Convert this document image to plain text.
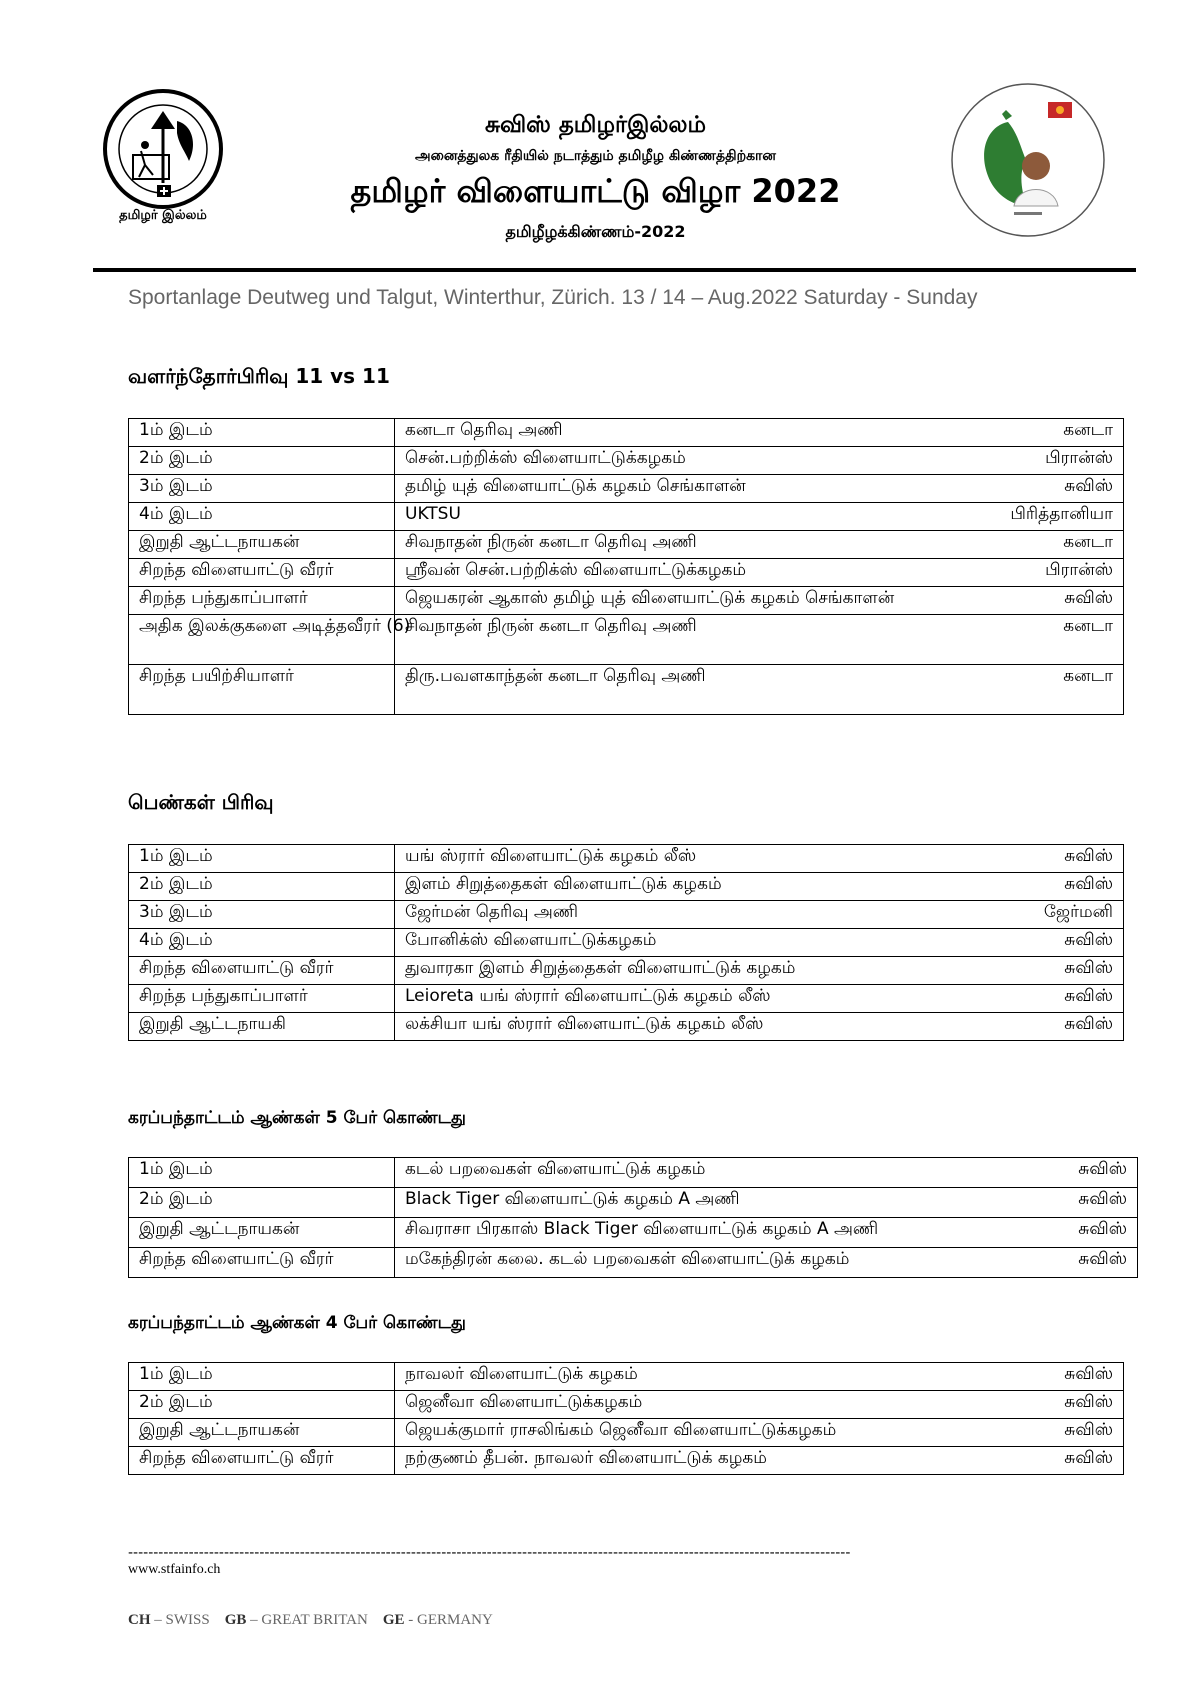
தமிழர் இல்லம்
சுவிஸ் தமிழர்இல்லம்
அனைத்துலக ரீதியில் நடாத்தும் தமிழீழ கிண்ணத்திற்கான
தமிழர் விளையாட்டு விழா 2022
தமிழீழக்கிண்ணம்-2022
Sportanlage Deutweg und Talgut, Winterthur, Zürich. 13 / 14 – Aug.2022 Saturday - Sunday
வளர்ந்தோர்பிரிவு 11 vs 11
1ம் இடம்	கனடா தெரிவு அணி	கனடா
2ம் இடம்	சென்.பற்றிக்ஸ் விளையாட்டுக்கழகம்	பிரான்ஸ்
3ம் இடம்	தமிழ் யுத் விளையாட்டுக் கழகம் செங்காளன்	சுவிஸ்
4ம் இடம்	UKTSU	பிரித்தானியா
இறுதி ஆட்டநாயகன்	சிவநாதன் நிருன் கனடா தெரிவு அணி	கனடா
சிறந்த விளையாட்டு வீரர்	ஸ்ரீவன் சென்.பற்றிக்ஸ் விளையாட்டுக்கழகம்	பிரான்ஸ்
சிறந்த பந்துகாப்பாளர்	ஜெயகரன் ஆகாஸ் தமிழ் யுத் விளையாட்டுக் கழகம் செங்காளன்	சுவிஸ்
அதிக இலக்குகளை அடித்தவீரர் (6)	சிவநாதன் நிருன் கனடா தெரிவு அணி	கனடா
சிறந்த பயிற்சியாளர்	திரு.பவளகாந்தன் கனடா தெரிவு அணி	கனடா
பெண்கள் பிரிவு
1ம் இடம்	யங் ஸ்ரார் விளையாட்டுக் கழகம் லீஸ்	சுவிஸ்
2ம் இடம்	இளம் சிறுத்தைகள் விளையாட்டுக் கழகம்	சுவிஸ்
3ம் இடம்	ஜேர்மன் தெரிவு அணி	ஜேர்மனி
4ம் இடம்	போனிக்ஸ் விளையாட்டுக்கழகம்	சுவிஸ்
சிறந்த விளையாட்டு வீரர்	துவாரகா இளம் சிறுத்தைகள் விளையாட்டுக் கழகம்	சுவிஸ்
சிறந்த பந்துகாப்பாளர்	Leioreta யங் ஸ்ரார் விளையாட்டுக் கழகம் லீஸ்	சுவிஸ்
இறுதி ஆட்டநாயகி	லக்சியா யங் ஸ்ரார் விளையாட்டுக் கழகம் லீஸ்	சுவிஸ்
கரப்பந்தாட்டம் ஆண்கள் 5 பேர் கொண்டது
1ம் இடம்	கடல் பறவைகள் விளையாட்டுக் கழகம்	சுவிஸ்
2ம் இடம்	Black Tiger விளையாட்டுக் கழகம் A அணி	சுவிஸ்
இறுதி ஆட்டநாயகன்	சிவராசா பிரகாஸ் Black Tiger விளையாட்டுக் கழகம் A அணி	சுவிஸ்
சிறந்த விளையாட்டு வீரர்	மகேந்திரன் கலை. கடல் பறவைகள் விளையாட்டுக் கழகம்	சுவிஸ்
கரப்பந்தாட்டம் ஆண்கள் 4 பேர் கொண்டது
1ம் இடம்	நாவலர் விளையாட்டுக் கழகம்	சுவிஸ்
2ம் இடம்	ஜெனீவா விளையாட்டுக்கழகம்	சுவிஸ்
இறுதி ஆட்டநாயகன்	ஜெயக்குமார் ராசலிங்கம் ஜெனீவா விளையாட்டுக்கழகம்	சுவிஸ்
சிறந்த விளையாட்டு வீரர்	நற்குணம் தீபன். நாவலர் விளையாட்டுக் கழகம்	சுவிஸ்
-----------------------------------------------------------------------------------------------------------------------------------------------
www.stfainfo.ch
CH – SWISS GB – GREAT BRITAN GE - GERMANY
